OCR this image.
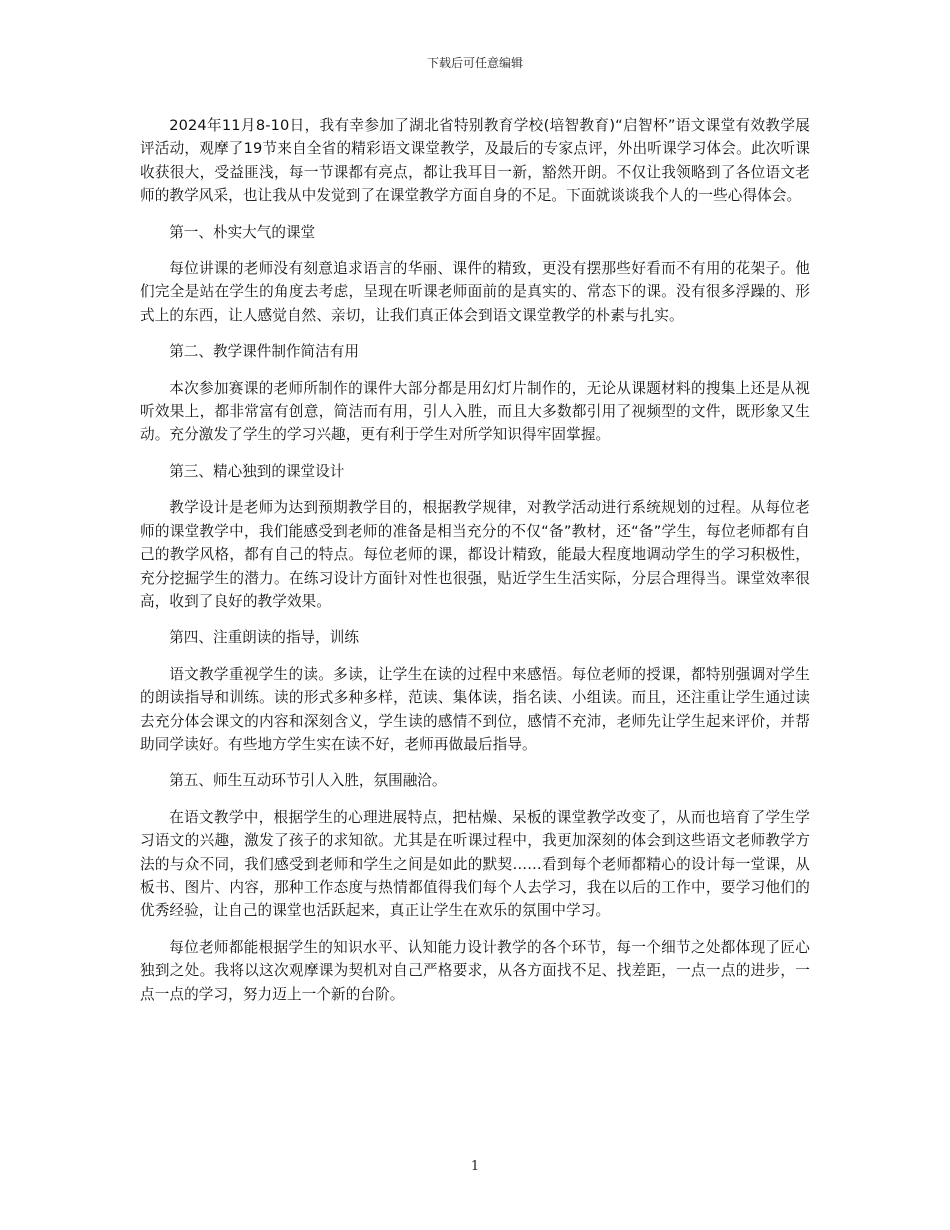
下载后可任意编辑

2024年11月8-10日，我有幸参加了湖北省特别教育学校(培智教育)“启智杯”语文课堂有效教学展评活动，观摩了19节来自全省的精彩语文课堂教学，及最后的专家点评，外出听课学习体会。此次听课收获很大，受益匪浅，每一节课都有亮点，都让我耳目一新，豁然开朗。不仅让我领略到了各位语文老师的教学风采，也让我从中发觉到了在课堂教学方面自身的不足。下面就谈谈我个人的一些心得体会。

第一、朴实大气的课堂

每位讲课的老师没有刻意追求语言的华丽、课件的精致，更没有摆那些好看而不有用的花架子。他们完全是站在学生的角度去考虑，呈现在听课老师面前的是真实的、常态下的课。没有很多浮躁的、形式上的东西，让人感觉自然、亲切，让我们真正体会到语文课堂教学的朴素与扎实。

第二、教学课件制作简洁有用

本次参加赛课的老师所制作的课件大部分都是用幻灯片制作的，无论从课题材料的搜集上还是从视听效果上，都非常富有创意，简洁而有用，引人入胜，而且大多数都引用了视频型的文件，既形象又生动。充分激发了学生的学习兴趣，更有利于学生对所学知识得牢固掌握。

第三、精心独到的课堂设计

教学设计是老师为达到预期教学目的，根据教学规律，对教学活动进行系统规划的过程。从每位老师的课堂教学中，我们能感受到老师的准备是相当充分的不仅“备”教材，还“备”学生，每位老师都有自己的教学风格，都有自己的特点。每位老师的课，都设计精致，能最大程度地调动学生的学习积极性，充分挖掘学生的潜力。在练习设计方面针对性也很强，贴近学生生活实际，分层合理得当。课堂效率很高，收到了良好的教学效果。

第四、注重朗读的指导，训练

语文教学重视学生的读。多读，让学生在读的过程中来感悟。每位老师的授课，都特别强调对学生的朗读指导和训练。读的形式多种多样，范读、集体读，指名读、小组读。而且，还注重让学生通过读去充分体会课文的内容和深刻含义，学生读的感情不到位，感情不充沛，老师先让学生起来评价，并帮助同学读好。有些地方学生实在读不好，老师再做最后指导。

第五、师生互动环节引人入胜，氛围融洽。

在语文教学中，根据学生的心理进展特点，把枯燥、呆板的课堂教学改变了，从而也培育了学生学习语文的兴趣，激发了孩子的求知欲。尤其是在听课过程中，我更加深刻的体会到这些语文老师教学方法的与众不同，我们感受到老师和学生之间是如此的默契……看到每个老师都精心的设计每一堂课，从板书、图片、内容，那种工作态度与热情都值得我们每个人去学习，我在以后的工作中，要学习他们的优秀经验，让自己的课堂也活跃起来，真正让学生在欢乐的氛围中学习。

每位老师都能根据学生的知识水平、认知能力设计教学的各个环节，每一个细节之处都体现了匠心独到之处。我将以这次观摩课为契机对自己严格要求，从各方面找不足、找差距，一点一点的进步，一点一点的学习，努力迈上一个新的台阶。

1
